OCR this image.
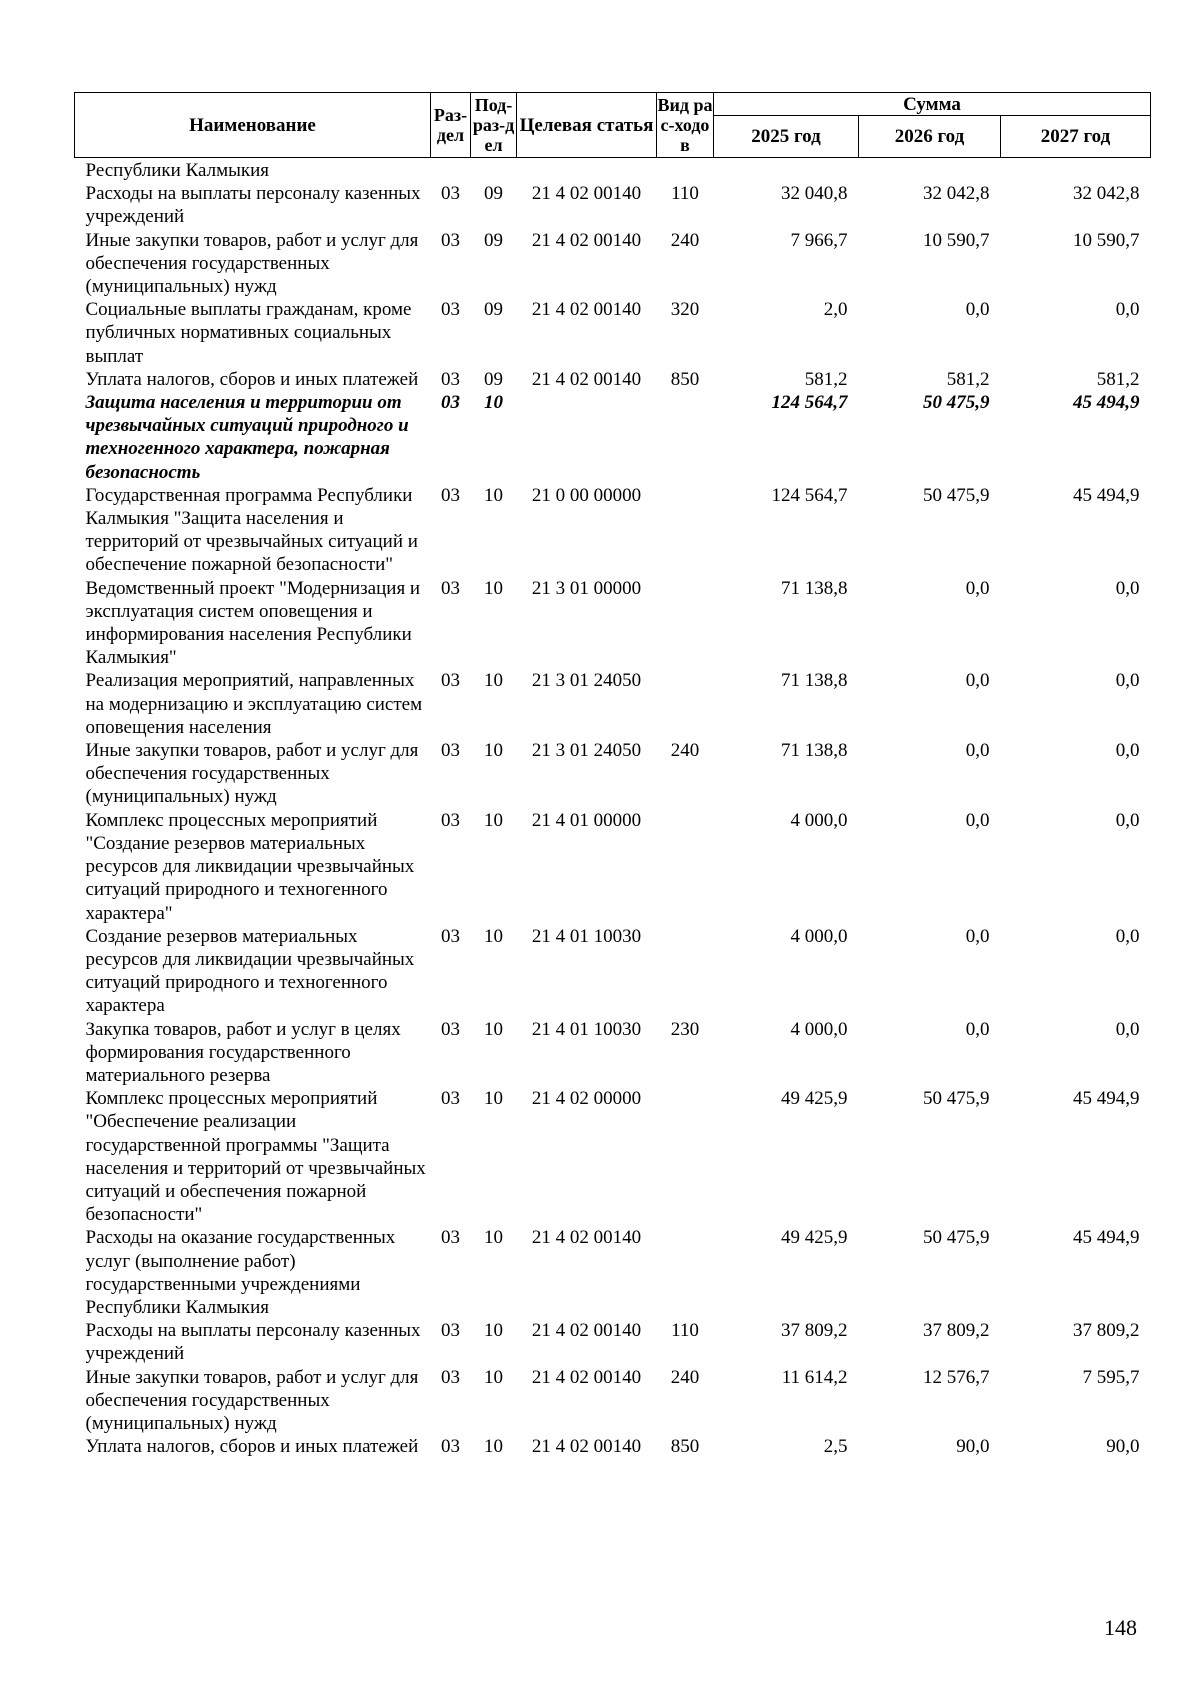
Наименование	Раз-дел	Под-раз-дел	Целевая статья	Вид рас-ходов	Сумма		
					2025 год	2026 год	2027 год
Республики Калмыкия							
Расходы на выплаты персоналу казенных учреждений	03	09	21 4 02 00140	110	32 040,8	32 042,8	32 042,8
Иные закупки товаров, работ и услуг для обеспечения государственных (муниципальных) нужд	03	09	21 4 02 00140	240	7 966,7	10 590,7	10 590,7
Социальные выплаты гражданам, кроме публичных нормативных социальных выплат	03	09	21 4 02 00140	320	2,0	0,0	0,0
Уплата налогов, сборов и иных платежей	03	09	21 4 02 00140	850	581,2	581,2	581,2
Защита населения и территории от чрезвычайных ситуаций природного и техногенного характера, пожарная безопасность	03	10			124 564,7	50 475,9	45 494,9
Государственная программа Республики Калмыкия "Защита населения и территорий от чрезвычайных ситуаций и обеспечение пожарной безопасности"	03	10	21 0 00 00000		124 564,7	50 475,9	45 494,9
Ведомственный проект "Модернизация и эксплуатация систем оповещения и информирования населения Республики Калмыкия"	03	10	21 3 01 00000		71 138,8	0,0	0,0
Реализация мероприятий, направленных на модернизацию и эксплуатацию систем оповещения населения	03	10	21 3 01 24050		71 138,8	0,0	0,0
Иные закупки товаров, работ и услуг для обеспечения государственных (муниципальных) нужд	03	10	21 3 01 24050	240	71 138,8	0,0	0,0
Комплекс процессных мероприятий "Создание резервов материальных ресурсов для ликвидации чрезвычайных ситуаций природного и техногенного характера"	03	10	21 4 01 00000		4 000,0	0,0	0,0
Создание резервов материальных ресурсов для ликвидации чрезвычайных ситуаций природного и техногенного характера	03	10	21 4 01 10030		4 000,0	0,0	0,0
Закупка товаров, работ и услуг в целях формирования государственного материального резерва	03	10	21 4 01 10030	230	4 000,0	0,0	0,0
Комплекс процессных мероприятий "Обеспечение реализации государственной программы "Защита населения и территорий от чрезвычайных ситуаций и обеспечения пожарной безопасности"	03	10	21 4 02 00000		49 425,9	50 475,9	45 494,9
Расходы на оказание государственных услуг (выполнение работ) государственными учреждениями Республики Калмыкия	03	10	21 4 02 00140		49 425,9	50 475,9	45 494,9
Расходы на выплаты персоналу казенных учреждений	03	10	21 4 02 00140	110	37 809,2	37 809,2	37 809,2
Иные закупки товаров, работ и услуг для обеспечения государственных (муниципальных) нужд	03	10	21 4 02 00140	240	11 614,2	12 576,7	7 595,7
Уплата налогов, сборов и иных платежей	03	10	21 4 02 00140	850	2,5	90,0	90,0
148
